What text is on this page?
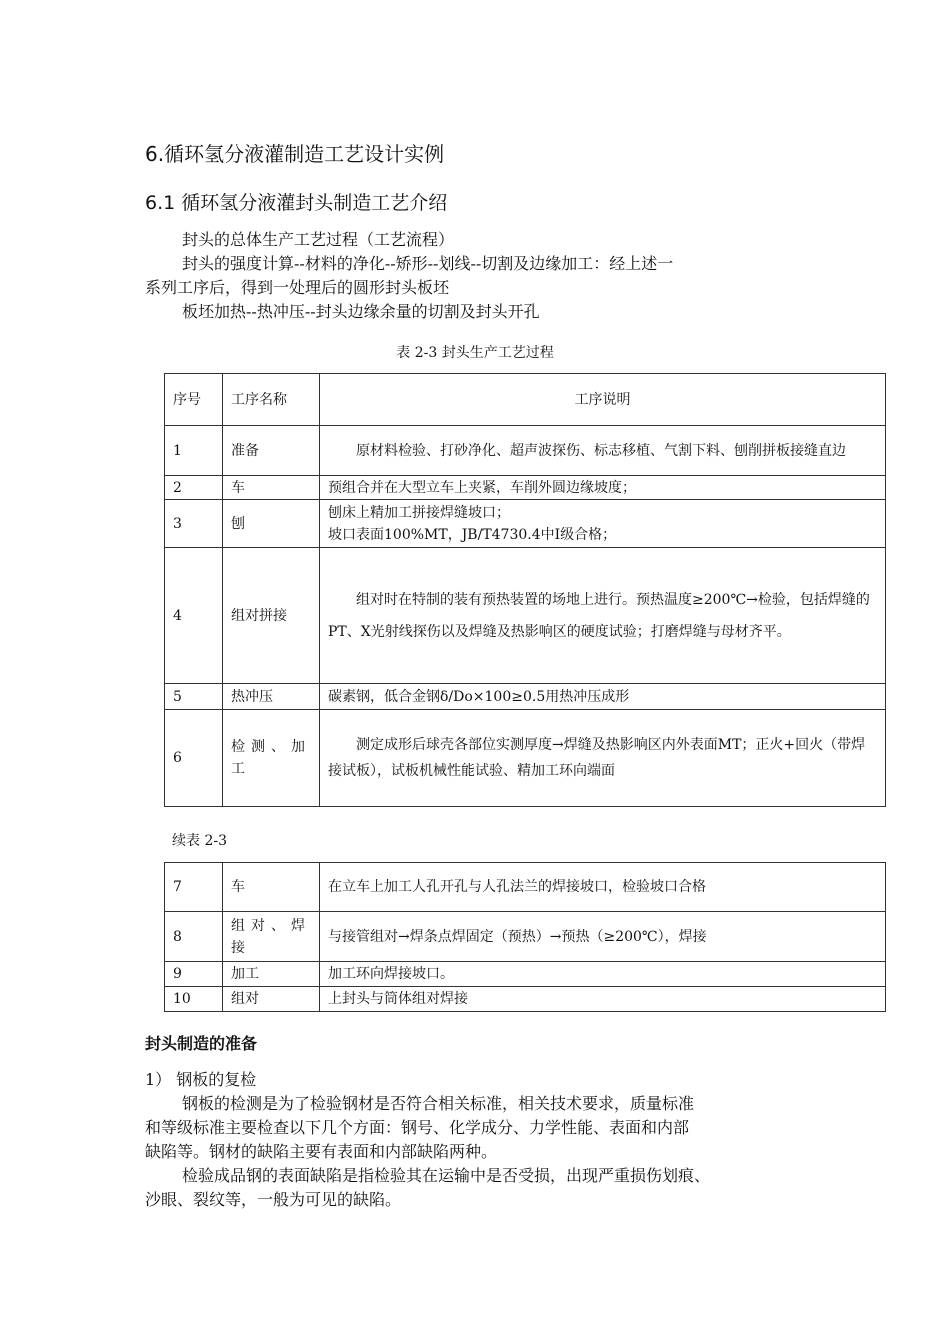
6.循环氢分液灌制造工艺设计实例
6.1 循环氢分液灌封头制造工艺介绍
封头的总体生产工艺过程（工艺流程）
封头的强度计算--材料的净化--矫形--划线--切割及边缘加工：经上述一
系列工序后，得到一处理后的圆形封头板坯
板坯加热--热冲压--封头边缘余量的切割及封头开孔
表 2-3 封头生产工艺过程
序号	工序名称	工序说明
1	准备	原材料检验、打砂净化、超声波探伤、标志移植、气割下料、刨削拼板接缝直边
2	车	预组合并在大型立车上夹紧，车削外圆边缘坡度；
3	刨	刨床上精加工拼接焊缝坡口；
坡口表面100%MT，JB/T4730.4中Ⅰ级合格；

4	组对拼接	组对时在特制的装有预热装置的场地上进行。预热温度≥200℃→检验，包括焊缝的PT、X光射线探伤以及焊缝及热影响区的硬度试验；打磨焊缝与母材齐平。
5	热冲压	碳素钢，低合金钢δ/Do×100≥0.5用热冲压成形
6	检测、加工	测定成形后球壳各部位实测厚度→焊缝及热影响区内外表面MT；正火+回火（带焊接试板），试板机械性能试验、精加工环向端面
续表 2-3
7	车	在立车上加工人孔开孔与人孔法兰的焊接坡口，检验坡口合格
8	组对、焊接	与接管组对→焊条点焊固定（预热）→预热（≥200℃），焊接
9	加工	加工环向焊接坡口。
10	组对	上封头与筒体组对焊接
封头制造的准备
1） 钢板的复检
钢板的检测是为了检验钢材是否符合相关标准，相关技术要求，质量标准
和等级标准主要检查以下几个方面：钢号、化学成分、力学性能、表面和内部
缺陷等。钢材的缺陷主要有表面和内部缺陷两种。
检验成品钢的表面缺陷是指检验其在运输中是否受损，出现严重损伤划痕、
沙眼、裂纹等，一般为可见的缺陷。
